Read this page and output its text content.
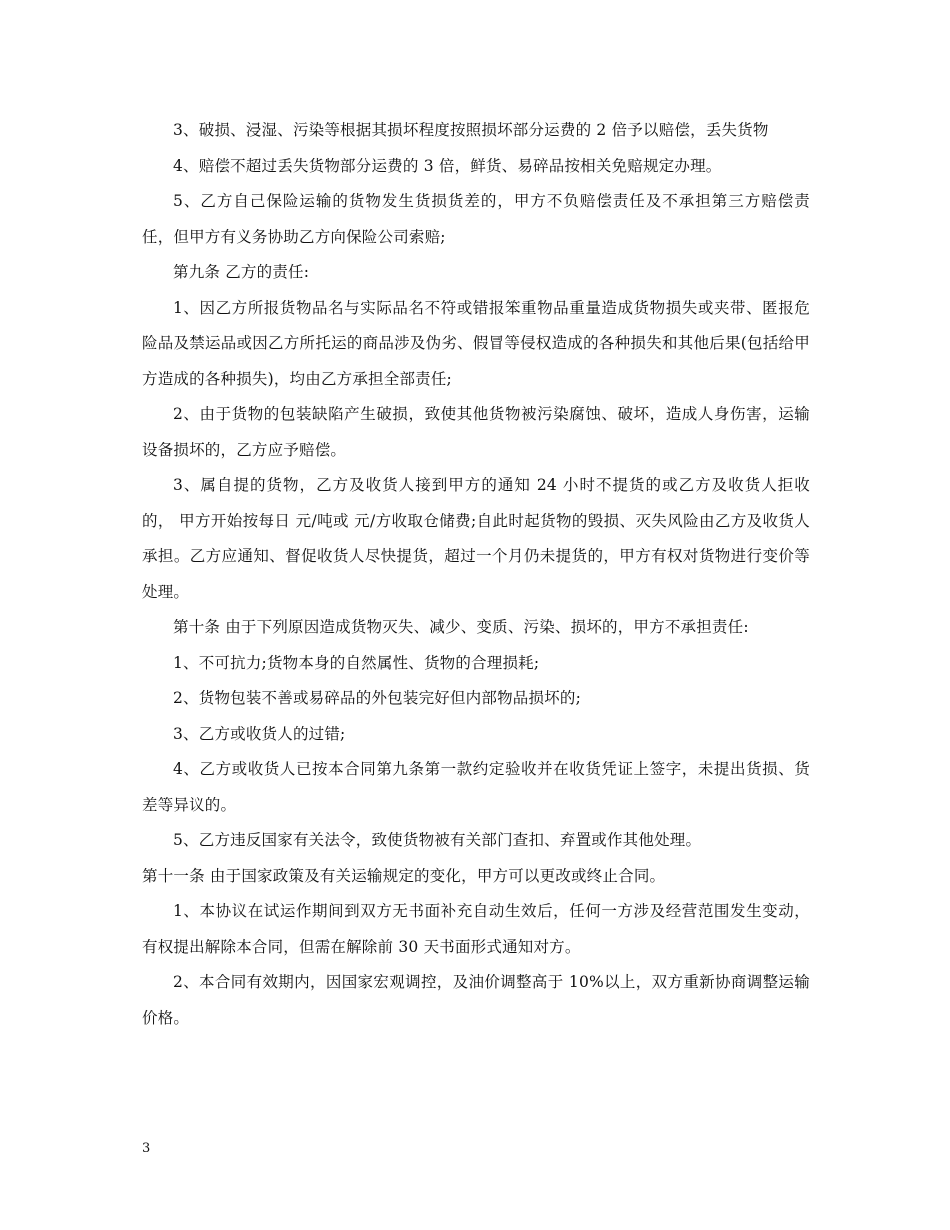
3、破损、浸湿、污染等根据其损坏程度按照损坏部分运费的 2 倍予以赔偿，丢失货物

4、赔偿不超过丢失货物部分运费的 3 倍，鲜货、易碎品按相关免赔规定办理。

5、乙方自己保险运输的货物发生货损货差的，甲方不负赔偿责任及不承担第三方赔偿责任，但甲方有义务协助乙方向保险公司索赔;

第九条 乙方的责任:

1、因乙方所报货物品名与实际品名不符或错报笨重物品重量造成货物损失或夹带、匿报危险品及禁运品或因乙方所托运的商品涉及伪劣、假冒等侵权造成的各种损失和其他后果(包括给甲方造成的各种损失)，均由乙方承担全部责任;

2、由于货物的包装缺陷产生破损，致使其他货物被污染腐蚀、破坏，造成人身伤害，运输设备损坏的，乙方应予赔偿。

3、属自提的货物，乙方及收货人接到甲方的通知 24 小时不提货的或乙方及收货人拒收的， 甲方开始按每日 元/吨或 元/方收取仓储费;自此时起货物的毁损、灭失风险由乙方及收货人承担。乙方应通知、督促收货人尽快提货，超过一个月仍未提货的，甲方有权对货物进行变价等处理。

第十条 由于下列原因造成货物灭失、减少、变质、污染、损坏的，甲方不承担责任:

1、不可抗力;货物本身的自然属性、货物的合理损耗;

2、货物包装不善或易碎品的外包装完好但内部物品损坏的;

3、乙方或收货人的过错;

4、乙方或收货人已按本合同第九条第一款约定验收并在收货凭证上签字，未提出货损、货差等异议的。

5、乙方违反国家有关法令，致使货物被有关部门查扣、弃置或作其他处理。

第十一条 由于国家政策及有关运输规定的变化，甲方可以更改或终止合同。

1、本协议在试运作期间到双方无书面补充自动生效后，任何一方涉及经营范围发生变动，有权提出解除本合同，但需在解除前 30 天书面形式通知对方。

2、本合同有效期内，因国家宏观调控，及油价调整高于 10%以上，双方重新协商调整运输价格。

3
